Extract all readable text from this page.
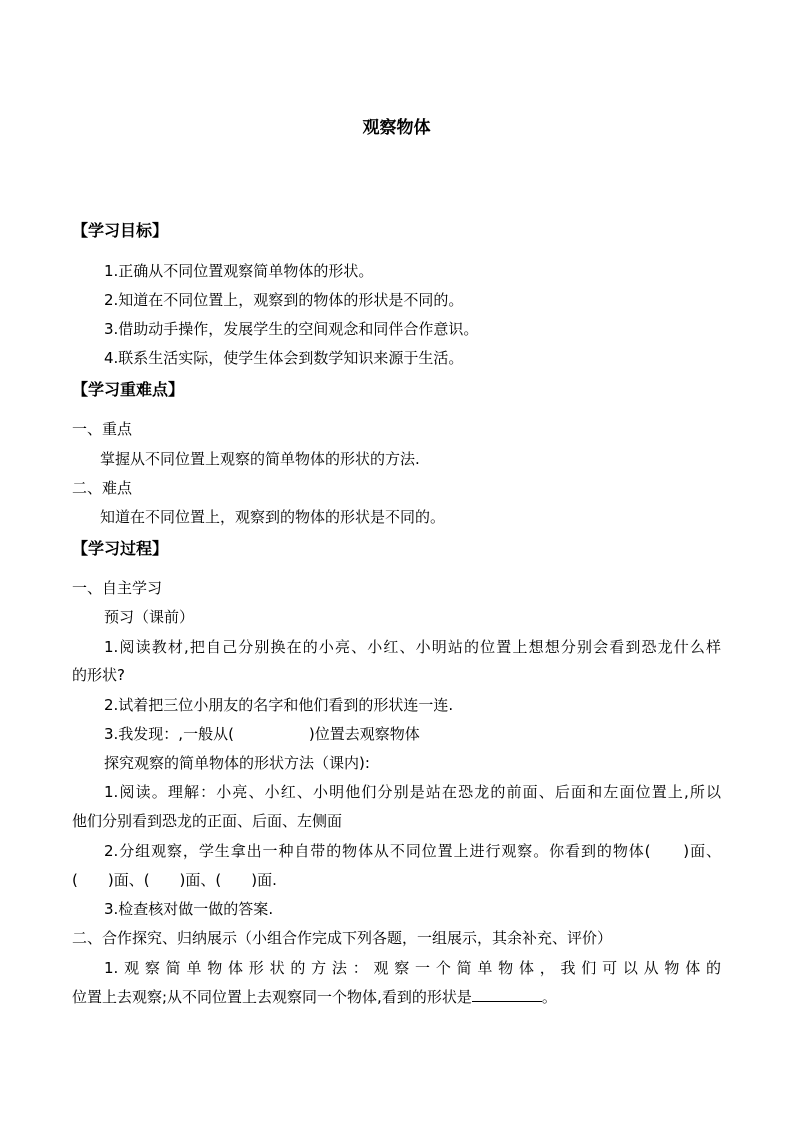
观察物体
【学习目标】
1.正确从不同位置观察简单物体的形状。
2.知道在不同位置上，观察到的物体的形状是不同的。
3.借助动手操作，发展学生的空间观念和同伴合作意识。
4.联系生活实际，使学生体会到数学知识来源于生活。
【学习重难点】
一、重点
掌握从不同位置上观察的简单物体的形状的方法.
二、难点
知道在不同位置上，观察到的物体的形状是不同的。
【学习过程】
一、自主学习
预习（课前）
1.阅读教材,把自己分别换在的小亮、小红、小明站的位置上想想分别会看到恐龙什么样
的形状?
2.试着把三位小朋友的名字和他们看到的形状连一连.
3.我发现：,一般从(　　　　　)位置去观察物体
探究观察的简单物体的形状方法（课内):
1.阅读。理解：小亮、小红、小明他们分别是站在恐龙的前面、后面和左面位置上,所以
他们分别看到恐龙的正面、后面、左侧面
2.分组观察，学生拿出一种自带的物体从不同位置上进行观察。你看到的物体(　　)面、
(　　)面、(　　)面、(　　)面.
3.检查核对做一做的答案.
二、合作探究、归纳展示（小组合作完成下列各题，一组展示，其余补充、评价）
1.观察简单物体形状的方法：观察一个简单物体，我们可以从物体的
位置上去观察;从不同位置上去观察同一个物体,看到的形状是	。
